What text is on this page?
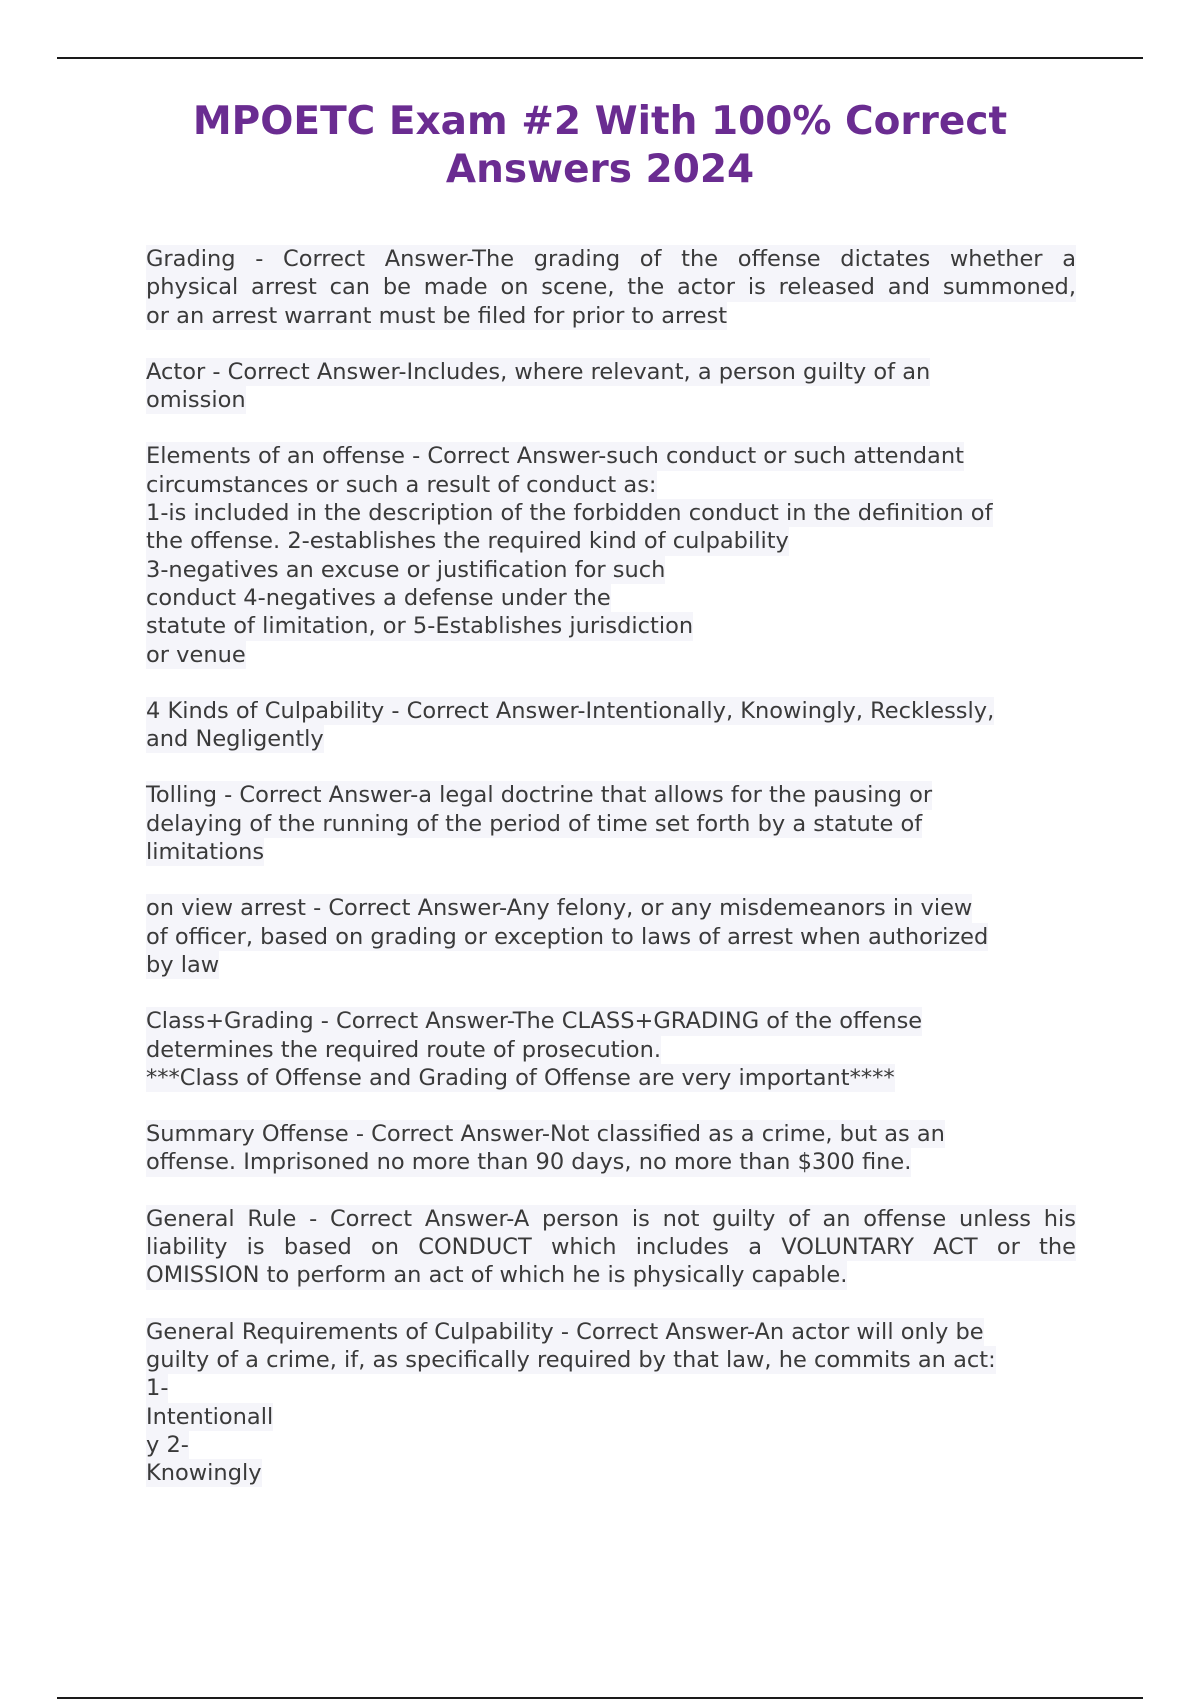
MPOETC Exam #2 With 100% Correct Answers 2024
Grading - Correct Answer-The grading of the offense dictates whether a
physical arrest can be made on scene, the actor is released and summoned,
or an arrest warrant must be filed for prior to arrest
Actor - Correct Answer-Includes, where relevant, a person guilty of an
omission
Elements of an offense - Correct Answer-such conduct or such attendant
circumstances or such a result of conduct as:
1-is included in the description of the forbidden conduct in the definition of
the offense. 2-establishes the required kind of culpability
3-negatives an excuse or justification for such
conduct 4-negatives a defense under the
statute of limitation, or 5-Establishes jurisdiction
or venue
4 Kinds of Culpability - Correct Answer-Intentionally, Knowingly, Recklessly,
and Negligently
Tolling - Correct Answer-a legal doctrine that allows for the pausing or
delaying of the running of the period of time set forth by a statute of
limitations
on view arrest - Correct Answer-Any felony, or any misdemeanors in view
of officer, based on grading or exception to laws of arrest when authorized
by law
Class+Grading - Correct Answer-The CLASS+GRADING of the offense
determines the required route of prosecution.
***Class of Offense and Grading of Offense are very important****
Summary Offense - Correct Answer-Not classified as a crime, but as an
offense. Imprisoned no more than 90 days, no more than $300 fine.
General Rule - Correct Answer-A person is not guilty of an offense unless his
liability is based on CONDUCT which includes a VOLUNTARY ACT or the
OMISSION to perform an act of which he is physically capable.
General Requirements of Culpability - Correct Answer-An actor will only be
guilty of a crime, if, as specifically required by that law, he commits an act:
1-
Intentionall
y 2-
Knowingly
